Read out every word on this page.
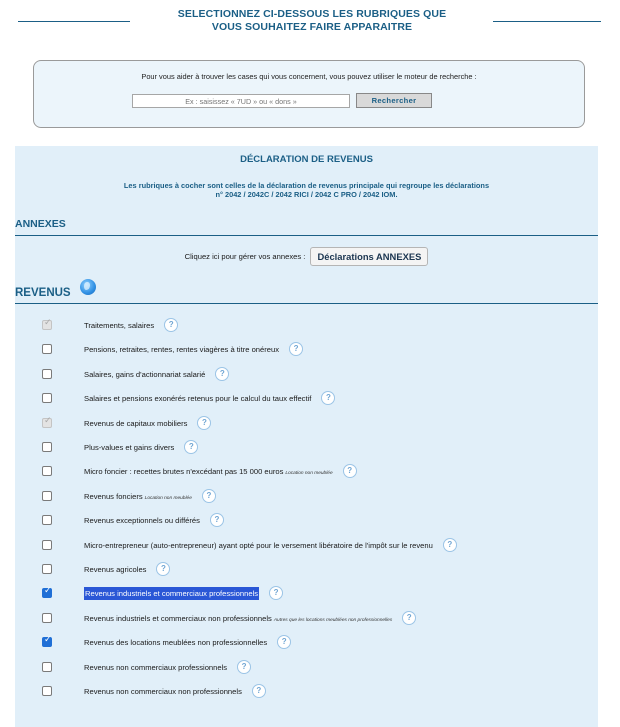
SELECTIONNEZ CI-DESSOUS LES RUBRIQUES QUE
VOUS SOUHAITEZ FAIRE APPARAITRE
Pour vous aider à trouver les cases qui vous concernent, vous pouvez utiliser le moteur de recherche :
Ex : saisissez « 7UD » ou « dons »
Rechercher
DÉCLARATION DE REVENUS
Les rubriques à cocher sont celles de la déclaration de revenus principale qui regroupe les déclarations
n° 2042 / 2042C / 2042 RICI / 2042 C PRO / 2042 IOM.
ANNEXES
Cliquez ici pour gérer vos annexes : Déclarations ANNEXES
REVENUS
✓
Traitements, salaires ?
Pensions, retraites, rentes, rentes viagères à titre onéreux ?
Salaires, gains d'actionnariat salarié ?
Salaires et pensions exonérés retenus pour le calcul du taux effectif ?
✓
Revenus de capitaux mobiliers ?
Plus-values et gains divers ?
Micro foncier : recettes brutes n'excédant pas 15 000 euros Location non meublée ?
Revenus fonciers Location non meublée ?
Revenus exceptionnels ou différés ?
Micro-entrepreneur (auto-entrepreneur) ayant opté pour le versement libératoire de l'impôt sur le revenu ?
Revenus agricoles ?
✓
Revenus industriels et commerciaux professionnels ?
Revenus industriels et commerciaux non professionnels Autres que les locations meublées non professionnelles ?
✓
Revenus des locations meublées non professionnelles ?
Revenus non commerciaux professionnels ?
Revenus non commerciaux non professionnels ?
